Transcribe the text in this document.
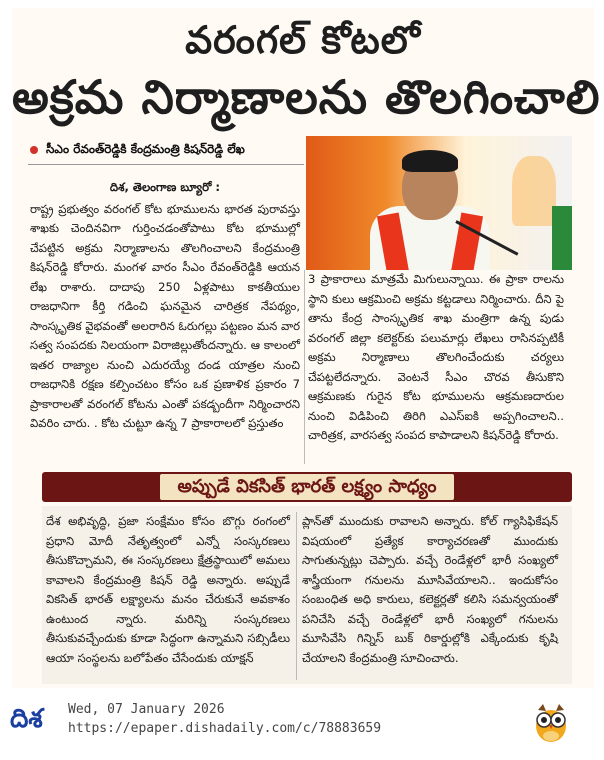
వరంగల్ కోటలో
అక్రమ నిర్మాణాలను తొలగించాలి
సీఎం రేవంత్‌రెడ్డికి కేంద్రమంత్రి కిషన్‌రెడ్డి లేఖ

దిశ, తెలంగాణ బ్యూరో :

రాష్ట్ర ప్రభుత్వం వరంగల్ కోట భూములను భారత పురావస్తు శాఖకు చెందినవిగా గుర్తించడంతోపాటు కోట భూముల్లో చేపట్టిన అక్రమ నిర్మాణాలను తొలగించాలని కేంద్రమంత్రి కిషన్‌రెడ్డి కోరారు. మంగళ వారం సీఎం రేవంత్‌రెడ్డికి ఆయన లేఖ రాశారు. దాదాపు 250 ఏళ్లపాటు కాకతీయుల రాజధానిగా కీర్తి గడించి ఘనమైన చారిత్రక నేపథ్యం, సాంస్కృతిక వైభవంతో అలరారిన ఓరుగల్లు పట్టణం మన వార సత్వ సంపదకు నిలయంగా విరాజిల్లుతోందన్నారు. ఆ కాలంలో ఇతర రాజ్యాల నుంచి ఎదురయ్యే దండ యాత్రల నుంచి రాజధానికి రక్షణ కల్పించటం కోసం ఒక ప్రణాళిక ప్రకారం 7 ప్రాకారాలతో వరంగల్ కోటను ఎంతో పకడ్బందీగా నిర్మించారని వివరిం చారు. . కోట చుట్టూ ఉన్న 7 ప్రాకారాలలో ప్రస్తుతం

3 ప్రాకారాలు మాత్రమే మిగులున్నాయి. ఈ ప్రాకా రాలను స్థాని కులు ఆక్రమించి అక్రమ కట్టడాలు నిర్మించారు. దీని పై తాను కేంద్ర సాంస్కృతిక శాఖ మంత్రిగా ఉన్న పుడు వరంగల్ జిల్లా కలెక్టర్‌కు పలుమార్లు లేఖలు రాసినప్పటికీ అక్రమ నిర్మాణాలు తొలగించేందుకు చర్యలు చేపట్టలేదన్నారు. వెంటనే సీఎం చొరవ తీసుకొని ఆక్రమణకు గురైన కోట భూములను ఆక్రమణదారుల నుంచి విడిపించి తిరిగి ఎఎస్‌ఐకి అప్పగించాలని.. చారిత్రక, వారసత్వ సంపద కాపాడాలని కిషన్‌రెడ్డి కోరారు.

అప్పుడే వికసిత్ భారత్ లక్ష్యం సాధ్యం

దేశ అభివృద్ధి, ప్రజా సంక్షేమం కోసం బొగ్గు రంగంలో ప్రధాని మోదీ నేతృత్వంలో ఎన్నో సంస్కరణలు తీసుకొచ్చామని, ఈ సంస్కరణలు క్షేత్రస్థాయిలో అమలు కావాలని కేంద్రమంత్రి కిషన్ రెడ్డి అన్నారు. అప్పుడే వికసిత్ భారత్ లక్ష్యాలను మనం చేరుకునే అవకాశం ఉంటుంద న్నారు. మరిన్ని సంస్కరణలు తీసుకువచ్చేందుకు కూడా సిద్ధంగా ఉన్నామని సబ్సిడీలు ఆయా సంస్థలను బలోపేతం చేసేందుకు యాక్షన్

ప్లాన్‌తో ముందుకు రావాలని అన్నారు. కోల్ గ్యాసిఫికేషన్ విషయంలో ప్రత్యేక కార్యాచరణతో ముందుకు సాగుతున్నట్లు చెప్పారు. వచ్చే రెండేళ్లలో భారీ సంఖ్యలో శాస్త్రీయంగా గనులను మూసివేయాలని.. ఇందుకోసం సంబంధిత అధి కారులు, కలెక్టర్లతో కలిసి సమన్వయంతో పనిచేసి వచ్చే రెండేళ్లలో భారీ సంఖ్యలో గనులను మూసివేసి గిన్నిస్ బుక్ రికార్డుల్లోకి ఎక్కేందుకు కృషి చేయాలని కేంద్రమంత్రి సూచించారు.

దిశ Wed, 07 January 2026
https://epaper.dishadaily.com/c/78883659
